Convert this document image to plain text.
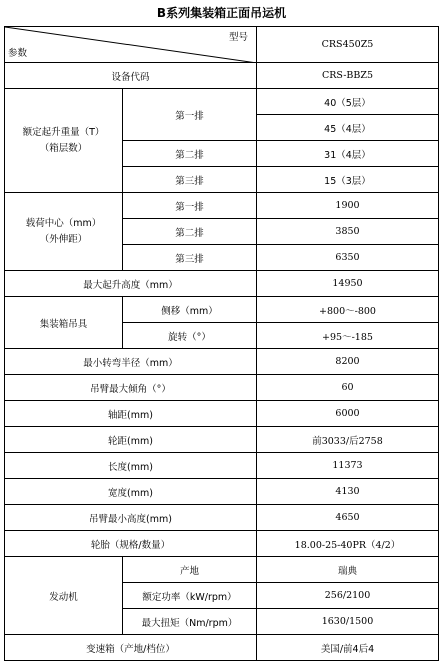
B系列集装箱正面吊运机
型号
参数		CRS450Z5
设备代码		CRS-BBZ5

额定起升重量（T）
（箱层数）	第一排	40（5层）
		45（4层）
	第二排	31（4层）
	第三排	15（3层）

载荷中心（mm）
（外伸距）	第一排	1900
	第二排	3850
	第三排	6350
最大起升高度（mm）		14950
集装箱吊具	侧移（mm）	+800～-800
	旋转（°）	+95～-185
最小转弯半径（mm）		8200
吊臂最大倾角（°）		60
轴距(mm)		6000
轮距(mm)		前3033/后2758
长度(mm)		11373
宽度(mm)		4130
吊臂最小高度(mm)		4650
轮胎（规格/数量）		18.00-25-40PR（4/2）
发动机	产地	瑞典
	额定功率（kW/rpm）	256/2100
	最大扭矩（Nm/rpm）	1630/1500
变速箱（产地/档位）		美国/前4后4
